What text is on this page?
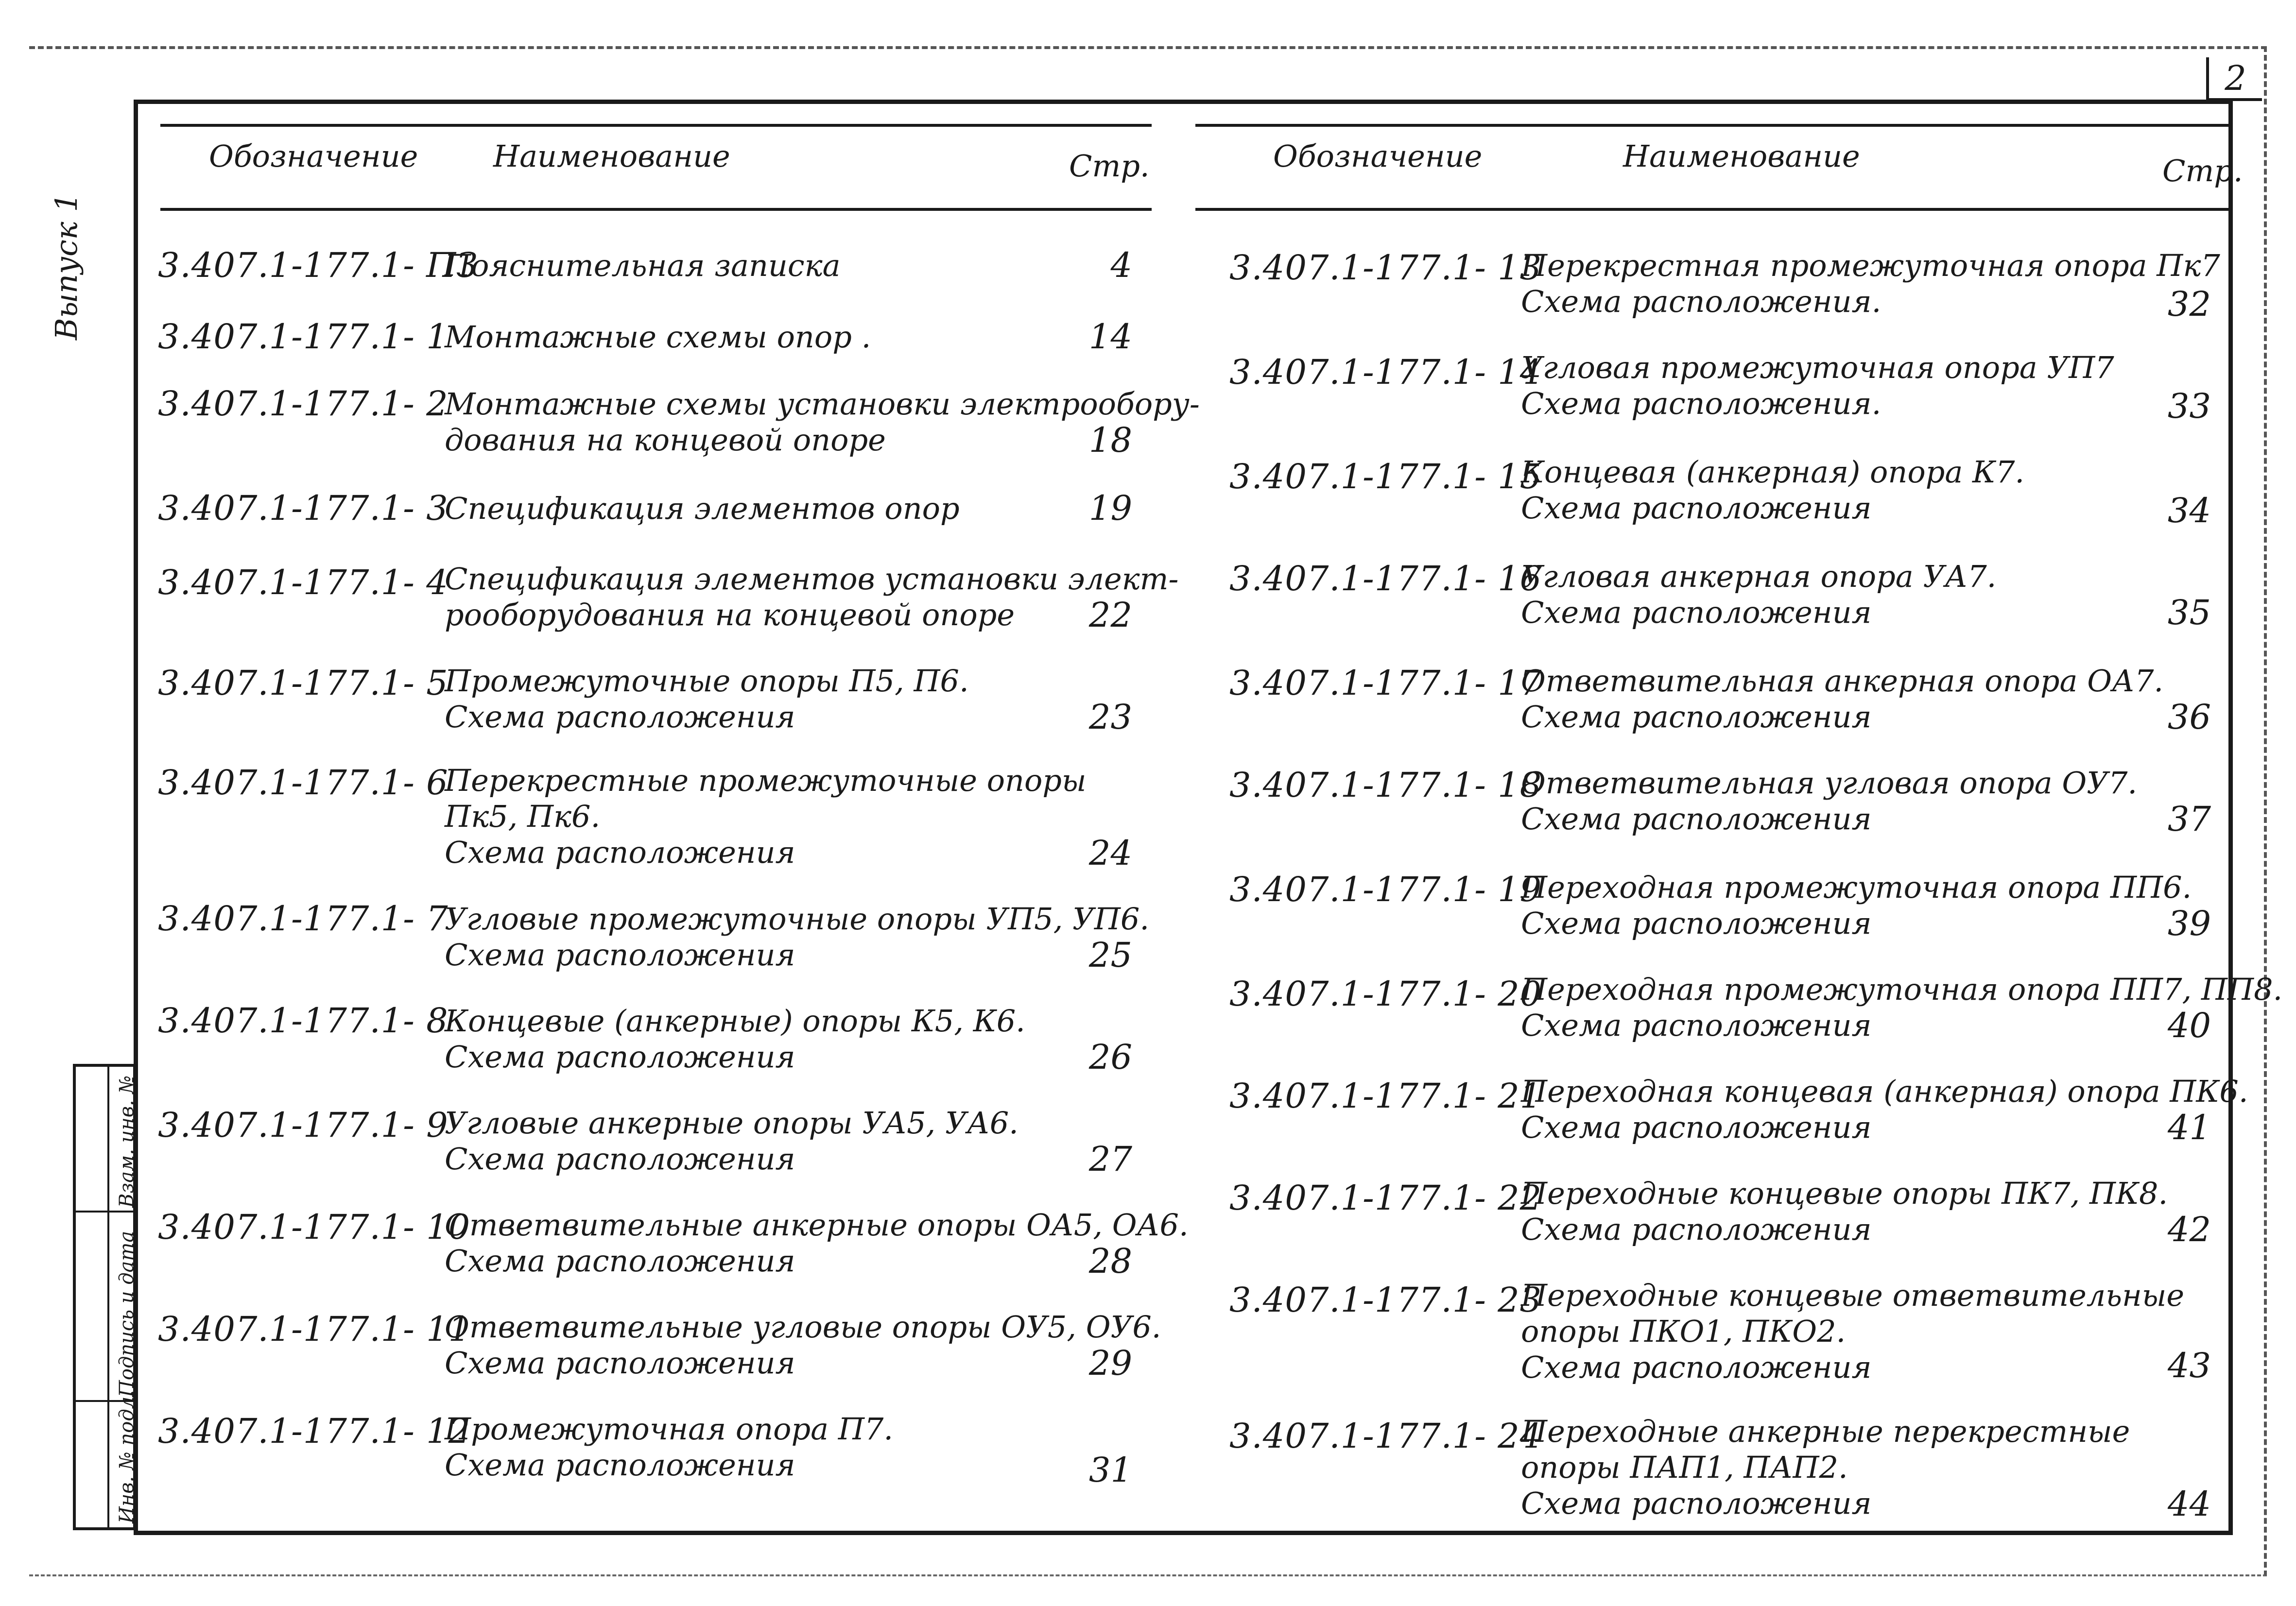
2
Выпуск 1
Взам. инв. №
Подпись и дата
Инв. № подл.
Обозначение Наименование	Стр.	Обозначение	Наименование	Стр.
3.407.1-177.1- ПЗ
Пояснительная записка	4
3.407.1-177.1- 1
Монтажные схемы опор .	14
3.407.1-177.1- 2
Монтажные схемы установки электрообору-
дования на концевой опоре	18
3.407.1-177.1- 3
Спецификация элементов опор	19
3.407.1-177.1- 4
Спецификация элементов установки элект-
рооборудования на концевой опоре 22
3.407.1-177.1- 5
Промежуточные опоры П5, П6.
Схема расположения	23
3.407.1-177.1- 6
Перекрестные промежуточные опоры
Пк5, Пк6.
Схема расположения	24
3.407.1-177.1- 7
Угловые промежуточные опоры УП5, УП6.
Схема расположения	25
3.407.1-177.1- 8
Концевые (анкерные) опоры К5, К6.
Схема расположения	26
3.407.1-177.1- 9
Угловые анкерные опоры УА5, УА6.
Схема расположения	27
3.407.1-177.1- 10
Ответвительные анкерные опоры ОА5, ОА6.
Схема расположения	28
3.407.1-177.1- 11
Ответвительные угловые опоры ОУ5, ОУ6.
Схема расположения	29
3.407.1-177.1- 12
Промежуточная опора П7.
Схема расположения	31
3.407.1-177.1- 13
Перекрестная промежуточная опора Пк7
Схема расположения.	32
3.407.1-177.1- 14
Угловая промежуточная опора УП7
Схема расположения.	33
3.407.1-177.1- 15
Концевая (анкерная) опора К7.
Схема расположения	34
3.407.1-177.1- 16
Угловая анкерная опора УА7.
Схема расположения	35
3.407.1-177.1- 17
Ответвительная анкерная опора ОА7.
Схема расположения	36
3.407.1-177.1- 18
Ответвительная угловая опора ОУ7.
Схема расположения	37
3.407.1-177.1- 19
Переходная промежуточная опора ПП6.
Схема расположения	39
3.407.1-177.1- 20
Переходная промежуточная опора ПП7, ПП8.
Схема расположения	40
3.407.1-177.1- 21
Переходная концевая (анкерная) опора ПК6.
Схема расположения	41
3.407.1-177.1- 22
Переходные концевые опоры ПК7, ПК8.
Схема расположения	42
3.407.1-177.1- 23
Переходные концевые ответвительные
опоры ПКО1, ПКО2.
Схема расположения	43
3.407.1-177.1- 24
Переходные анкерные перекрестные
опоры ПАП1, ПАП2.
Схема расположения	44
